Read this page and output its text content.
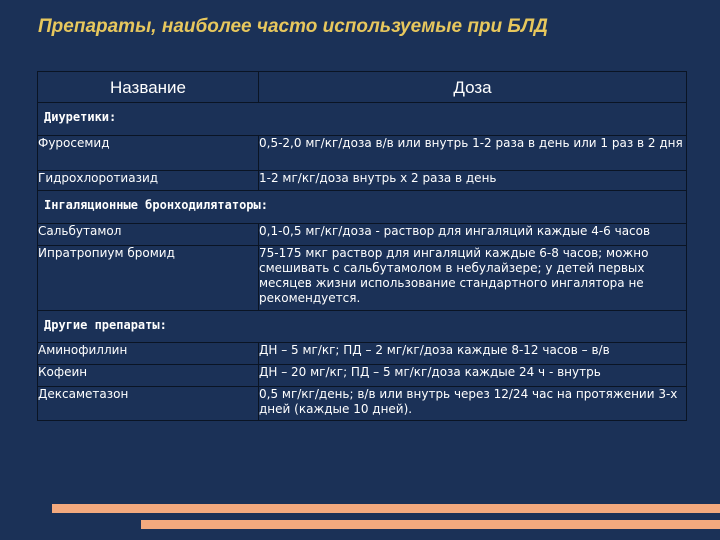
Препараты, наиболее часто используемые при БЛД
Название	Доза
Диуретики:	
Фуросемид	0,5-2,0 мг/кг/доза в/в или внутрь 1-2 раза в день или 1 раз в 2 дня
Гидрохлоротиазид	1-2 мг/кг/доза внутрь х 2 раза в день
Інгаляционные бронходилятаторы:	
Сальбутамол	0,1-0,5 мг/кг/доза - раствор для ингаляций каждые 4-6 часов
Ипратропиум бромид	75-175 мкг раствор для ингаляций каждые 6-8 часов; можно смешивать с сальбутамолом в небулайзере; у детей первых месяцев жизни использование стандартного ингалятора не рекомендуется.
Другие препараты:	
Аминофиллин	ДН – 5 мг/кг; ПД – 2 мг/кг/доза каждые 8-12 часов – в/в
Кофеин	ДН – 20 мг/кг; ПД – 5 мг/кг/доза каждые 24 ч - внутрь
Дексаметазон	0,5 мг/кг/день; в/в или внутрь через 12/24 час на протяжении 3-х дней (каждые 10 дней).
